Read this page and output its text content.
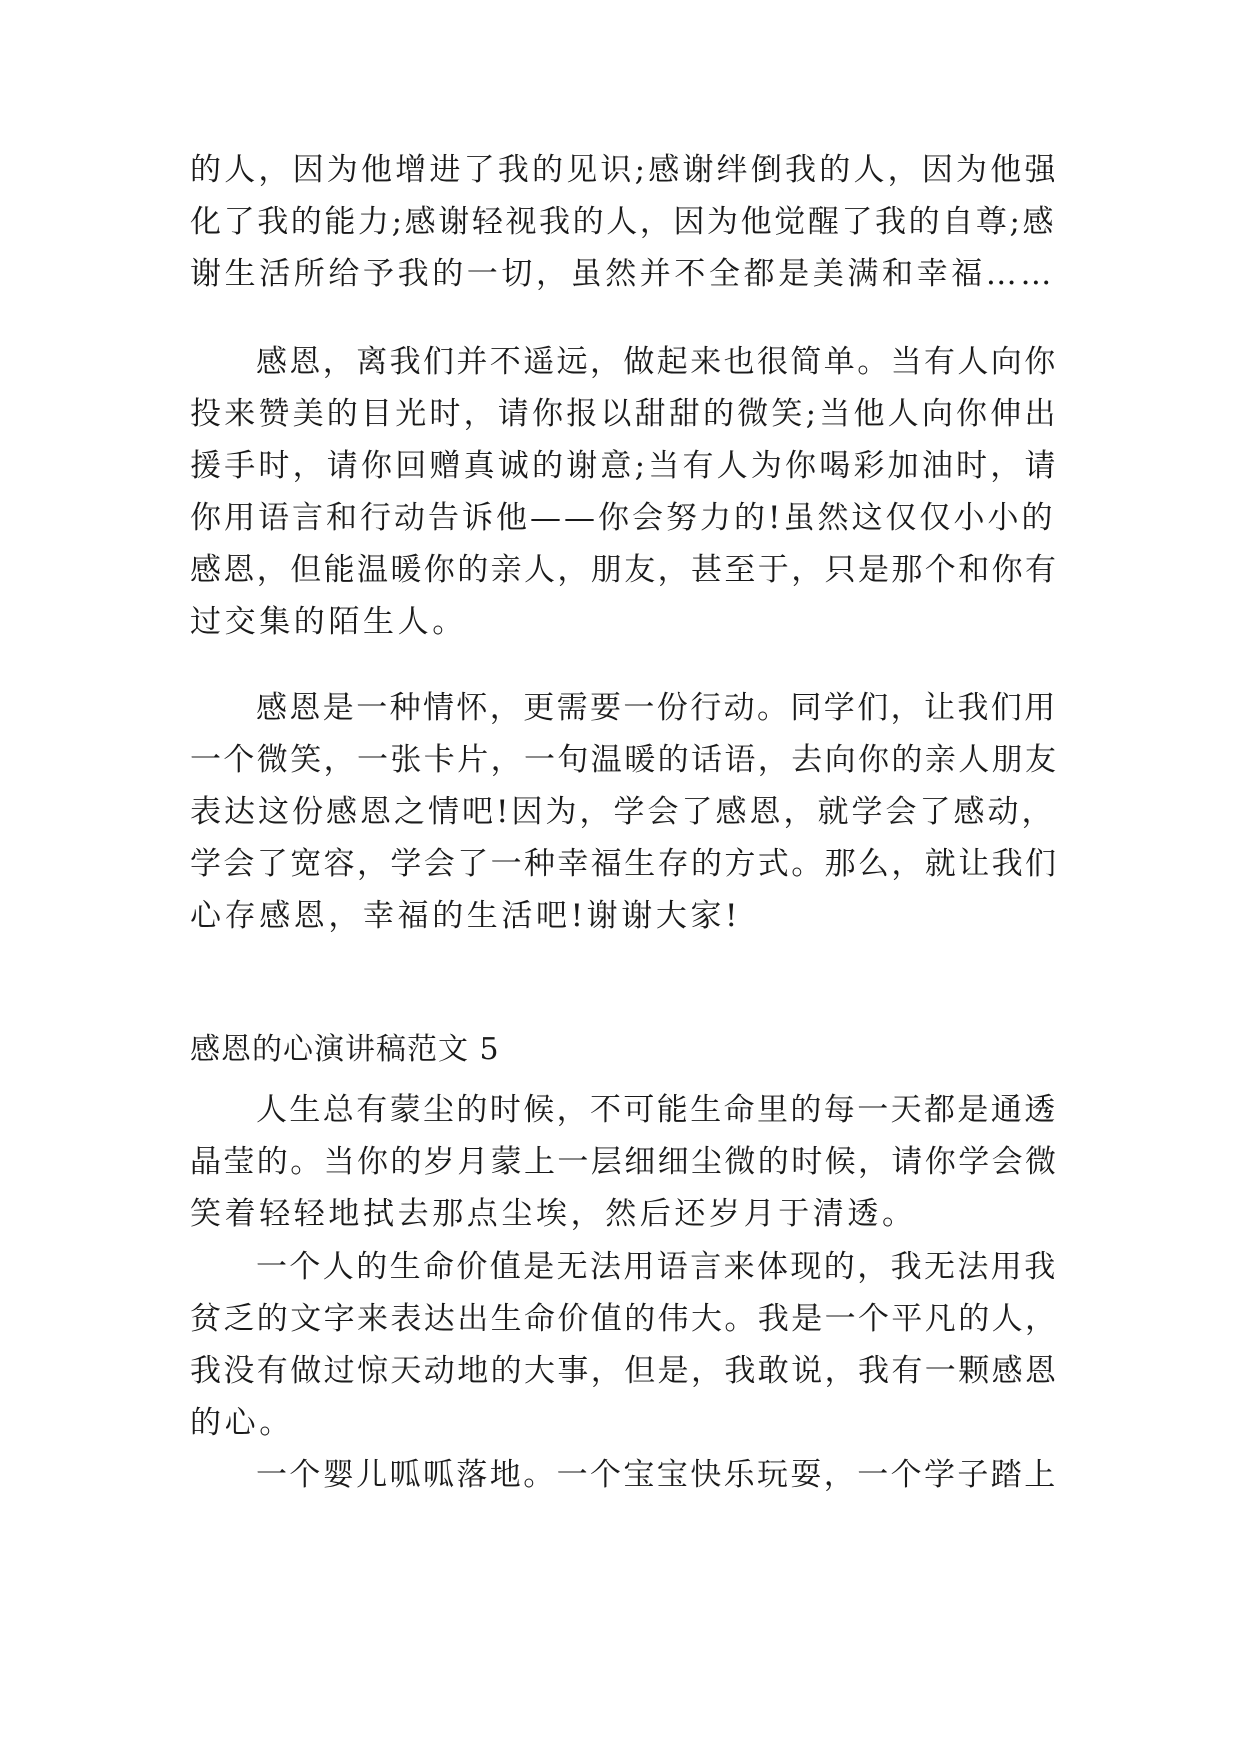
的人，因为他增进了我的见识;感谢绊倒我的人，因为他强
化了我的能力;感谢轻视我的人，因为他觉醒了我的自尊;感
谢生活所给予我的一切，虽然并不全都是美满和幸福……
感恩，离我们并不遥远，做起来也很简单。当有人向你
投来赞美的目光时，请你报以甜甜的微笑;当他人向你伸出
援手时，请你回赠真诚的谢意;当有人为你喝彩加油时，请
你用语言和行动告诉他——你会努力的!虽然这仅仅小小的
感恩，但能温暖你的亲人，朋友，甚至于，只是那个和你有
过交集的陌生人。
感恩是一种情怀，更需要一份行动。同学们，让我们用
一个微笑，一张卡片，一句温暖的话语，去向你的亲人朋友
表达这份感恩之情吧!因为，学会了感恩，就学会了感动，
学会了宽容，学会了一种幸福生存的方式。那么，就让我们
心存感恩，幸福的生活吧!谢谢大家!
感恩的心演讲稿范文 5
人生总有蒙尘的时候，不可能生命里的每一天都是通透
晶莹的。当你的岁月蒙上一层细细尘微的时候，请你学会微
笑着轻轻地拭去那点尘埃，然后还岁月于清透。
一个人的生命价值是无法用语言来体现的，我无法用我
贫乏的文字来表达出生命价值的伟大。我是一个平凡的人，
我没有做过惊天动地的大事，但是，我敢说，我有一颗感恩
的心。
一个婴儿呱呱落地。一个宝宝快乐玩耍，一个学子踏上
